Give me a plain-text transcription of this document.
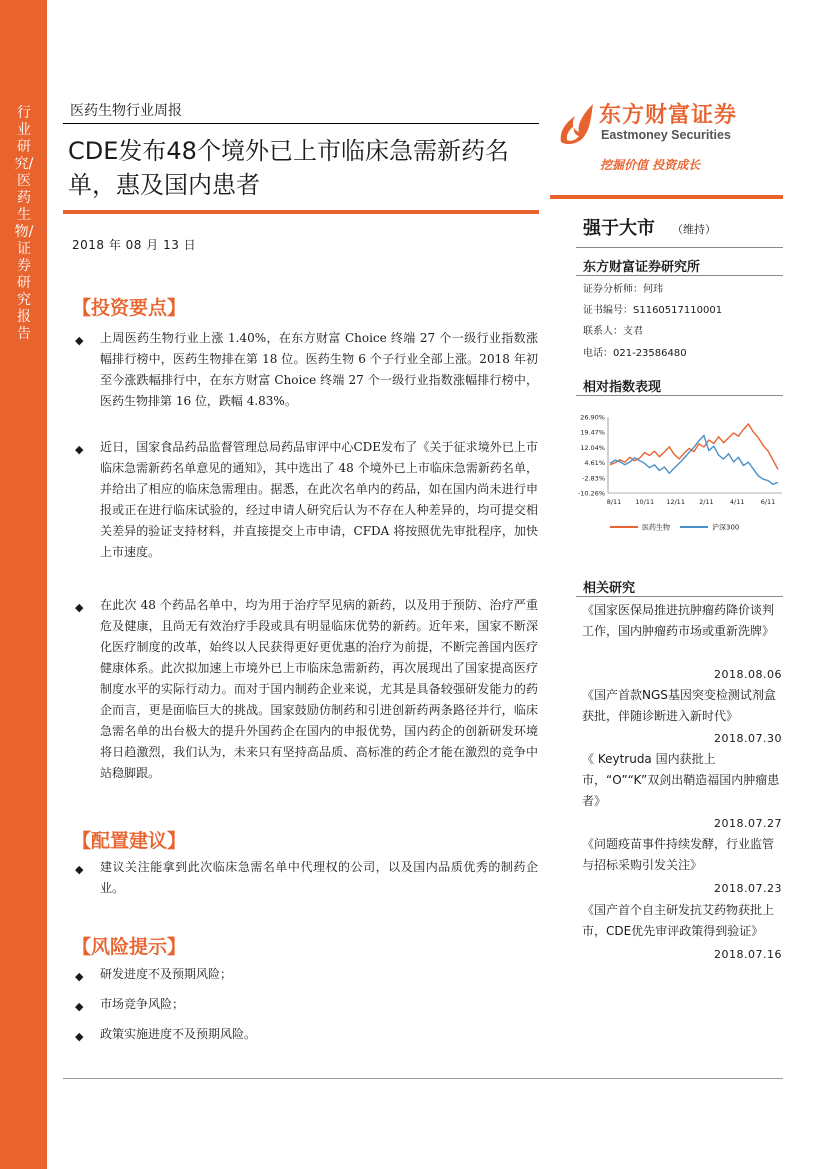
行业研究/医药生物/证券研究报告
医药生物行业周报
CDE发布48个境外已上市临床急需新药名单，惠及国内患者
2018 年 08 月 13 日
东方财富证券
Eastmoney Securities
挖掘价值 投资成长
强于大市 （维持）
东方财富证券研究所
证券分析师：何玮
证书编号：S1160517110001
联系人：支君
电话：021-23586480
相对指数表现
26.90%
19.47%
12.04%
4.61%
-2.83%
-10.26%
8/11 10/11 12/11 2/11 4/11 6/11
医药生物	沪深300
相关研究
《国家医保局推进抗肿瘤药降价谈判工作，国内肿瘤药市场或重新洗牌》
2018.08.06
《国产首款NGS基因突变检测试剂盒获批，伴随诊断进入新时代》
2018.07.30
《 Keytruda 国内获批上市，“O”“K”双剑出鞘造福国内肿瘤患者》
2018.07.27
《问题疫苗事件持续发酵，行业监管与招标采购引发关注》
2018.07.23
《国产首个自主研发抗艾药物获批上市，CDE优先审评政策得到验证》
2018.07.16
【投资要点】
◆ 上周医药生物行业上涨 1.40%，在东方财富 Choice 终端 27 个一级行业指数涨幅排行榜中，医药生物排在第 18 位。医药生物 6 个子行业全部上涨。2018 年初至今涨跌幅排行中，在东方财富 Choice 终端 27 个一级行业指数涨幅排行榜中，医药生物排第 16 位，跌幅 4.83%。
◆ 近日，国家食品药品监督管理总局药品审评中心CDE发布了《关于征求境外已上市临床急需新药名单意见的通知》，其中选出了 48 个境外已上市临床急需新药名单，并给出了相应的临床急需理由。据悉，在此次名单内的药品，如在国内尚未进行申报或正在进行临床试验的，经过申请人研究后认为不存在人种差异的，均可提交相关差异的验证支持材料，并直接提交上市申请，CFDA 将按照优先审批程序，加快上市速度。
◆ 在此次 48 个药品名单中，均为用于治疗罕见病的新药，以及用于预防、治疗严重危及健康，且尚无有效治疗手段或具有明显临床优势的新药。近年来，国家不断深化医疗制度的改革，始终以人民获得更好更优惠的治疗为前提，不断完善国内医疗健康体系。此次拟加速上市境外已上市临床急需新药，再次展现出了国家提高医疗制度水平的实际行动力。而对于国内制药企业来说，尤其是具备较强研发能力的药企而言，更是面临巨大的挑战。国家鼓励仿制药和引进创新药两条路径并行，临床急需名单的出台极大的提升外国药企在国内的申报优势，国内药企的创新研发环境将日趋激烈，我们认为，未来只有坚持高品质、高标准的药企才能在激烈的竞争中站稳脚跟。
【配置建议】
◆ 建议关注能拿到此次临床急需名单中代理权的公司，以及国内品质优秀的制药企业。
【风险提示】
◆ 研发进度不及预期风险；
◆ 市场竞争风险；
◆ 政策实施进度不及预期风险。
